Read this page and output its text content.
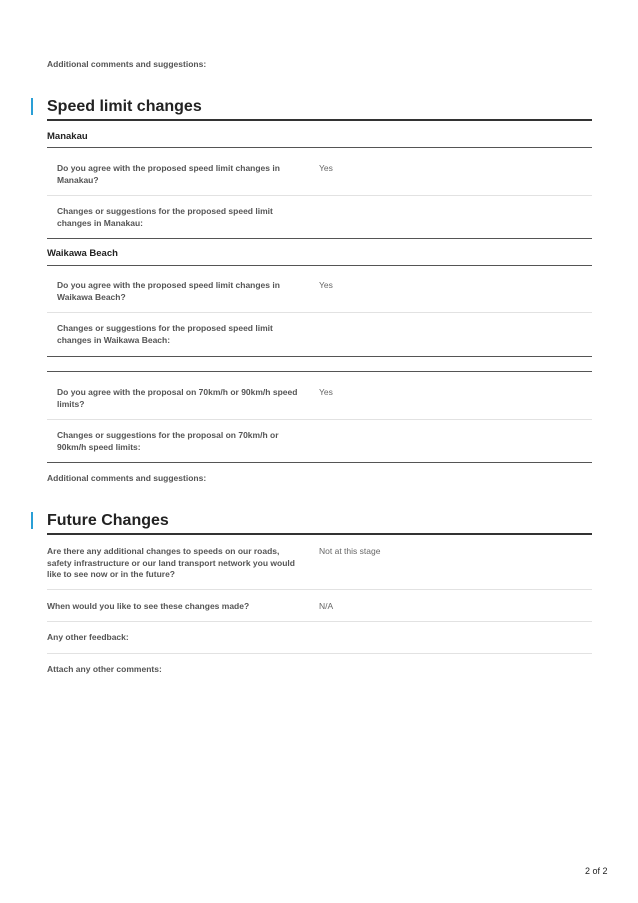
Additional comments and suggestions:
Speed limit changes
Manakau
Do you agree with the proposed speed limit changes in Manakau?
Yes
Changes or suggestions for the proposed speed limit changes in Manakau:
Waikawa Beach
Do you agree with the proposed speed limit changes in Waikawa Beach?
Yes
Changes or suggestions for the proposed speed limit changes in Waikawa Beach:
Do you agree with the proposal on 70km/h or 90km/h speed limits?
Yes
Changes or suggestions for the proposal on 70km/h or 90km/h speed limits:
Additional comments and suggestions:
Future Changes
Are there any additional changes to speeds on our roads, safety infrastructure or our land transport network you would like to see now or in the future?
Not at this stage
When would you like to see these changes made?	N/A
Any other feedback:
Attach any other comments:
2 of 2
